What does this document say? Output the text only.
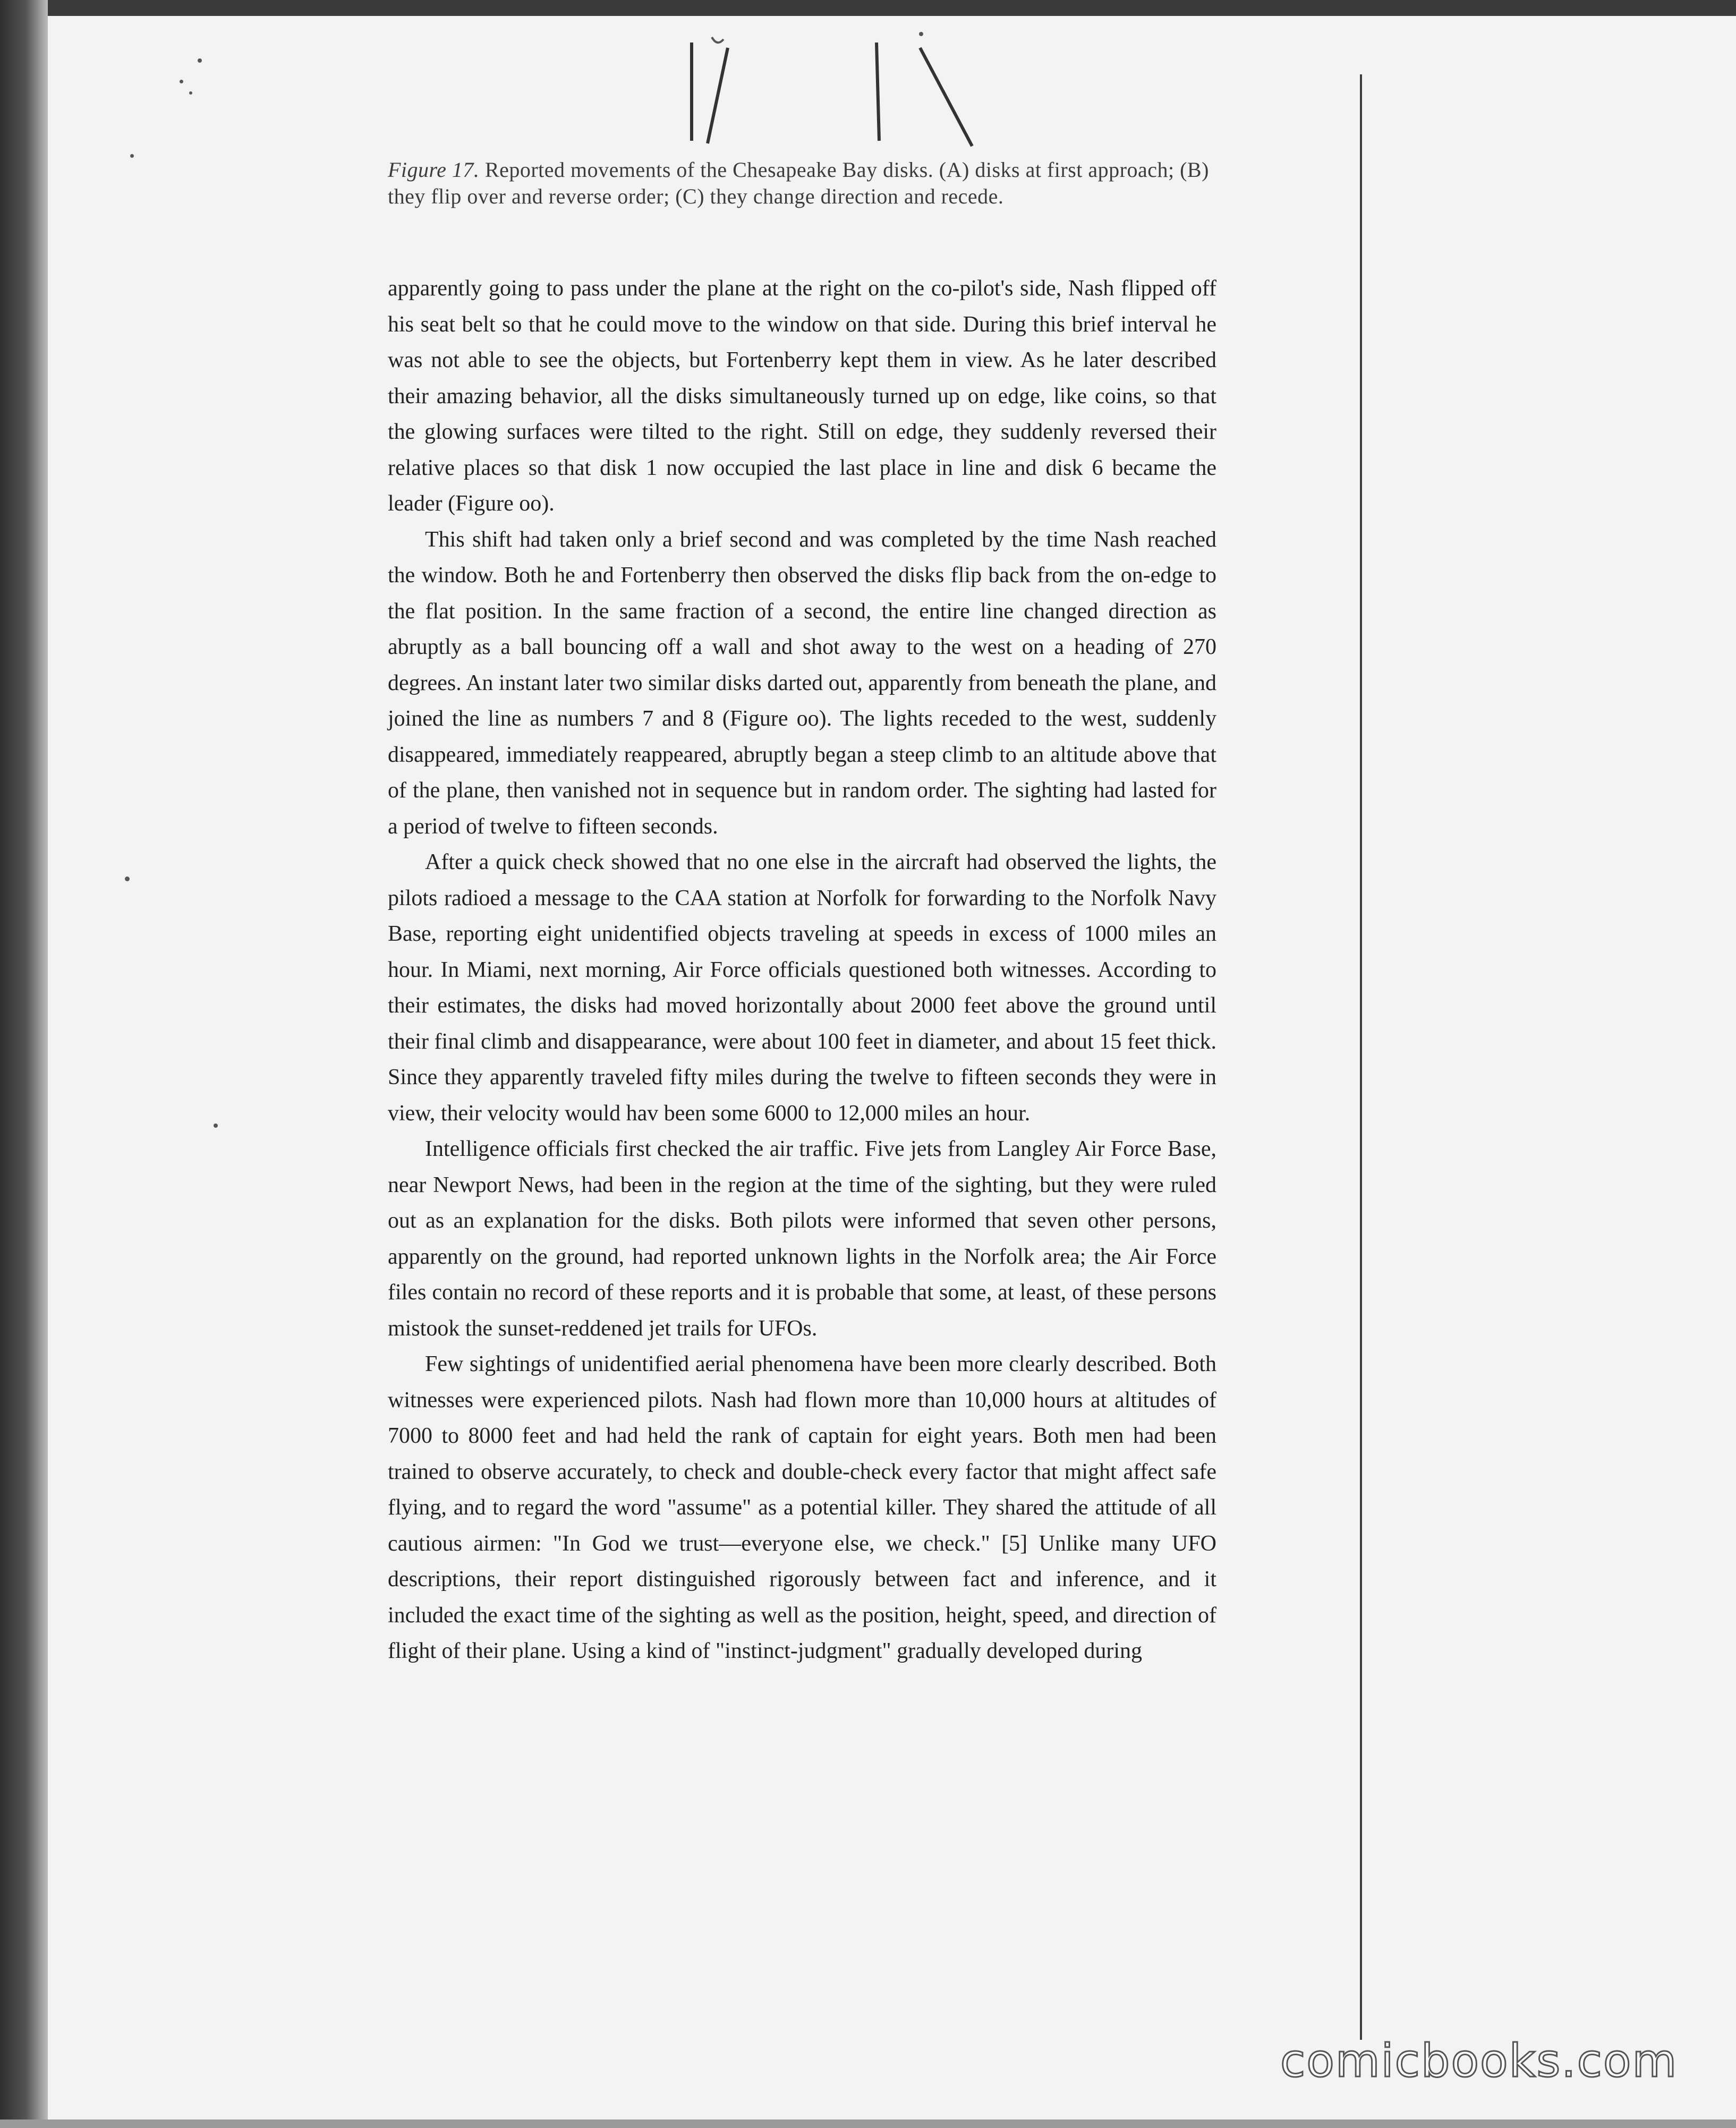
Figure 17. Reported movements of the Chesapeake Bay disks. (A) disks at first approach; (B) they flip over and reverse order; (C) they change direction and recede.

apparently going to pass under the plane at the right on the co-pilot's side, Nash flipped off his seat belt so that he could move to the window on that side. During this brief interval he was not able to see the objects, but Fortenberry kept them in view. As he later described their amazing behavior, all the disks simultaneously turned up on edge, like coins, so that the glowing surfaces were tilted to the right. Still on edge, they suddenly reversed their relative places so that disk 1 now occupied the last place in line and disk 6 became the leader (Figure oo).

This shift had taken only a brief second and was completed by the time Nash reached the window. Both he and Fortenberry then observed the disks flip back from the on-edge to the flat position. In the same fraction of a second, the entire line changed direction as abruptly as a ball bouncing off a wall and shot away to the west on a heading of 270 degrees. An instant later two similar disks darted out, apparently from beneath the plane, and joined the line as numbers 7 and 8 (Figure oo). The lights receded to the west, suddenly disappeared, immediately reappeared, abruptly began a steep climb to an altitude above that of the plane, then vanished not in sequence but in random order. The sighting had lasted for a period of twelve to fifteen seconds.

After a quick check showed that no one else in the aircraft had observed the lights, the pilots radioed a message to the CAA station at Norfolk for forwarding to the Norfolk Navy Base, reporting eight unidentified objects traveling at speeds in excess of 1000 miles an hour. In Miami, next morning, Air Force officials questioned both witnesses. According to their estimates, the disks had moved horizontally about 2000 feet above the ground until their final climb and disappearance, were about 100 feet in diameter, and about 15 feet thick. Since they apparently traveled fifty miles during the twelve to fifteen seconds they were in view, their velocity would hav been some 6000 to 12,000 miles an hour.

Intelligence officials first checked the air traffic. Five jets from Langley Air Force Base, near Newport News, had been in the region at the time of the sighting, but they were ruled out as an explanation for the disks. Both pilots were informed that seven other persons, apparently on the ground, had reported unknown lights in the Norfolk area; the Air Force files contain no record of these reports and it is probable that some, at least, of these persons mistook the sunset-reddened jet trails for UFOs.

Few sightings of unidentified aerial phenomena have been more clearly described. Both witnesses were experienced pilots. Nash had flown more than 10,000 hours at altitudes of 7000 to 8000 feet and had held the rank of captain for eight years. Both men had been trained to observe accurately, to check and double-check every factor that might affect safe flying, and to regard the word "assume" as a potential killer. They shared the attitude of all cautious airmen: "In God we trust—everyone else, we check." [5] Unlike many UFO descriptions, their report distinguished rigorously between fact and inference, and it included the exact time of the sighting as well as the position, height, speed, and direction of flight of their plane. Using a kind of "instinct-judgment" gradually developed during

comicbooks.com
